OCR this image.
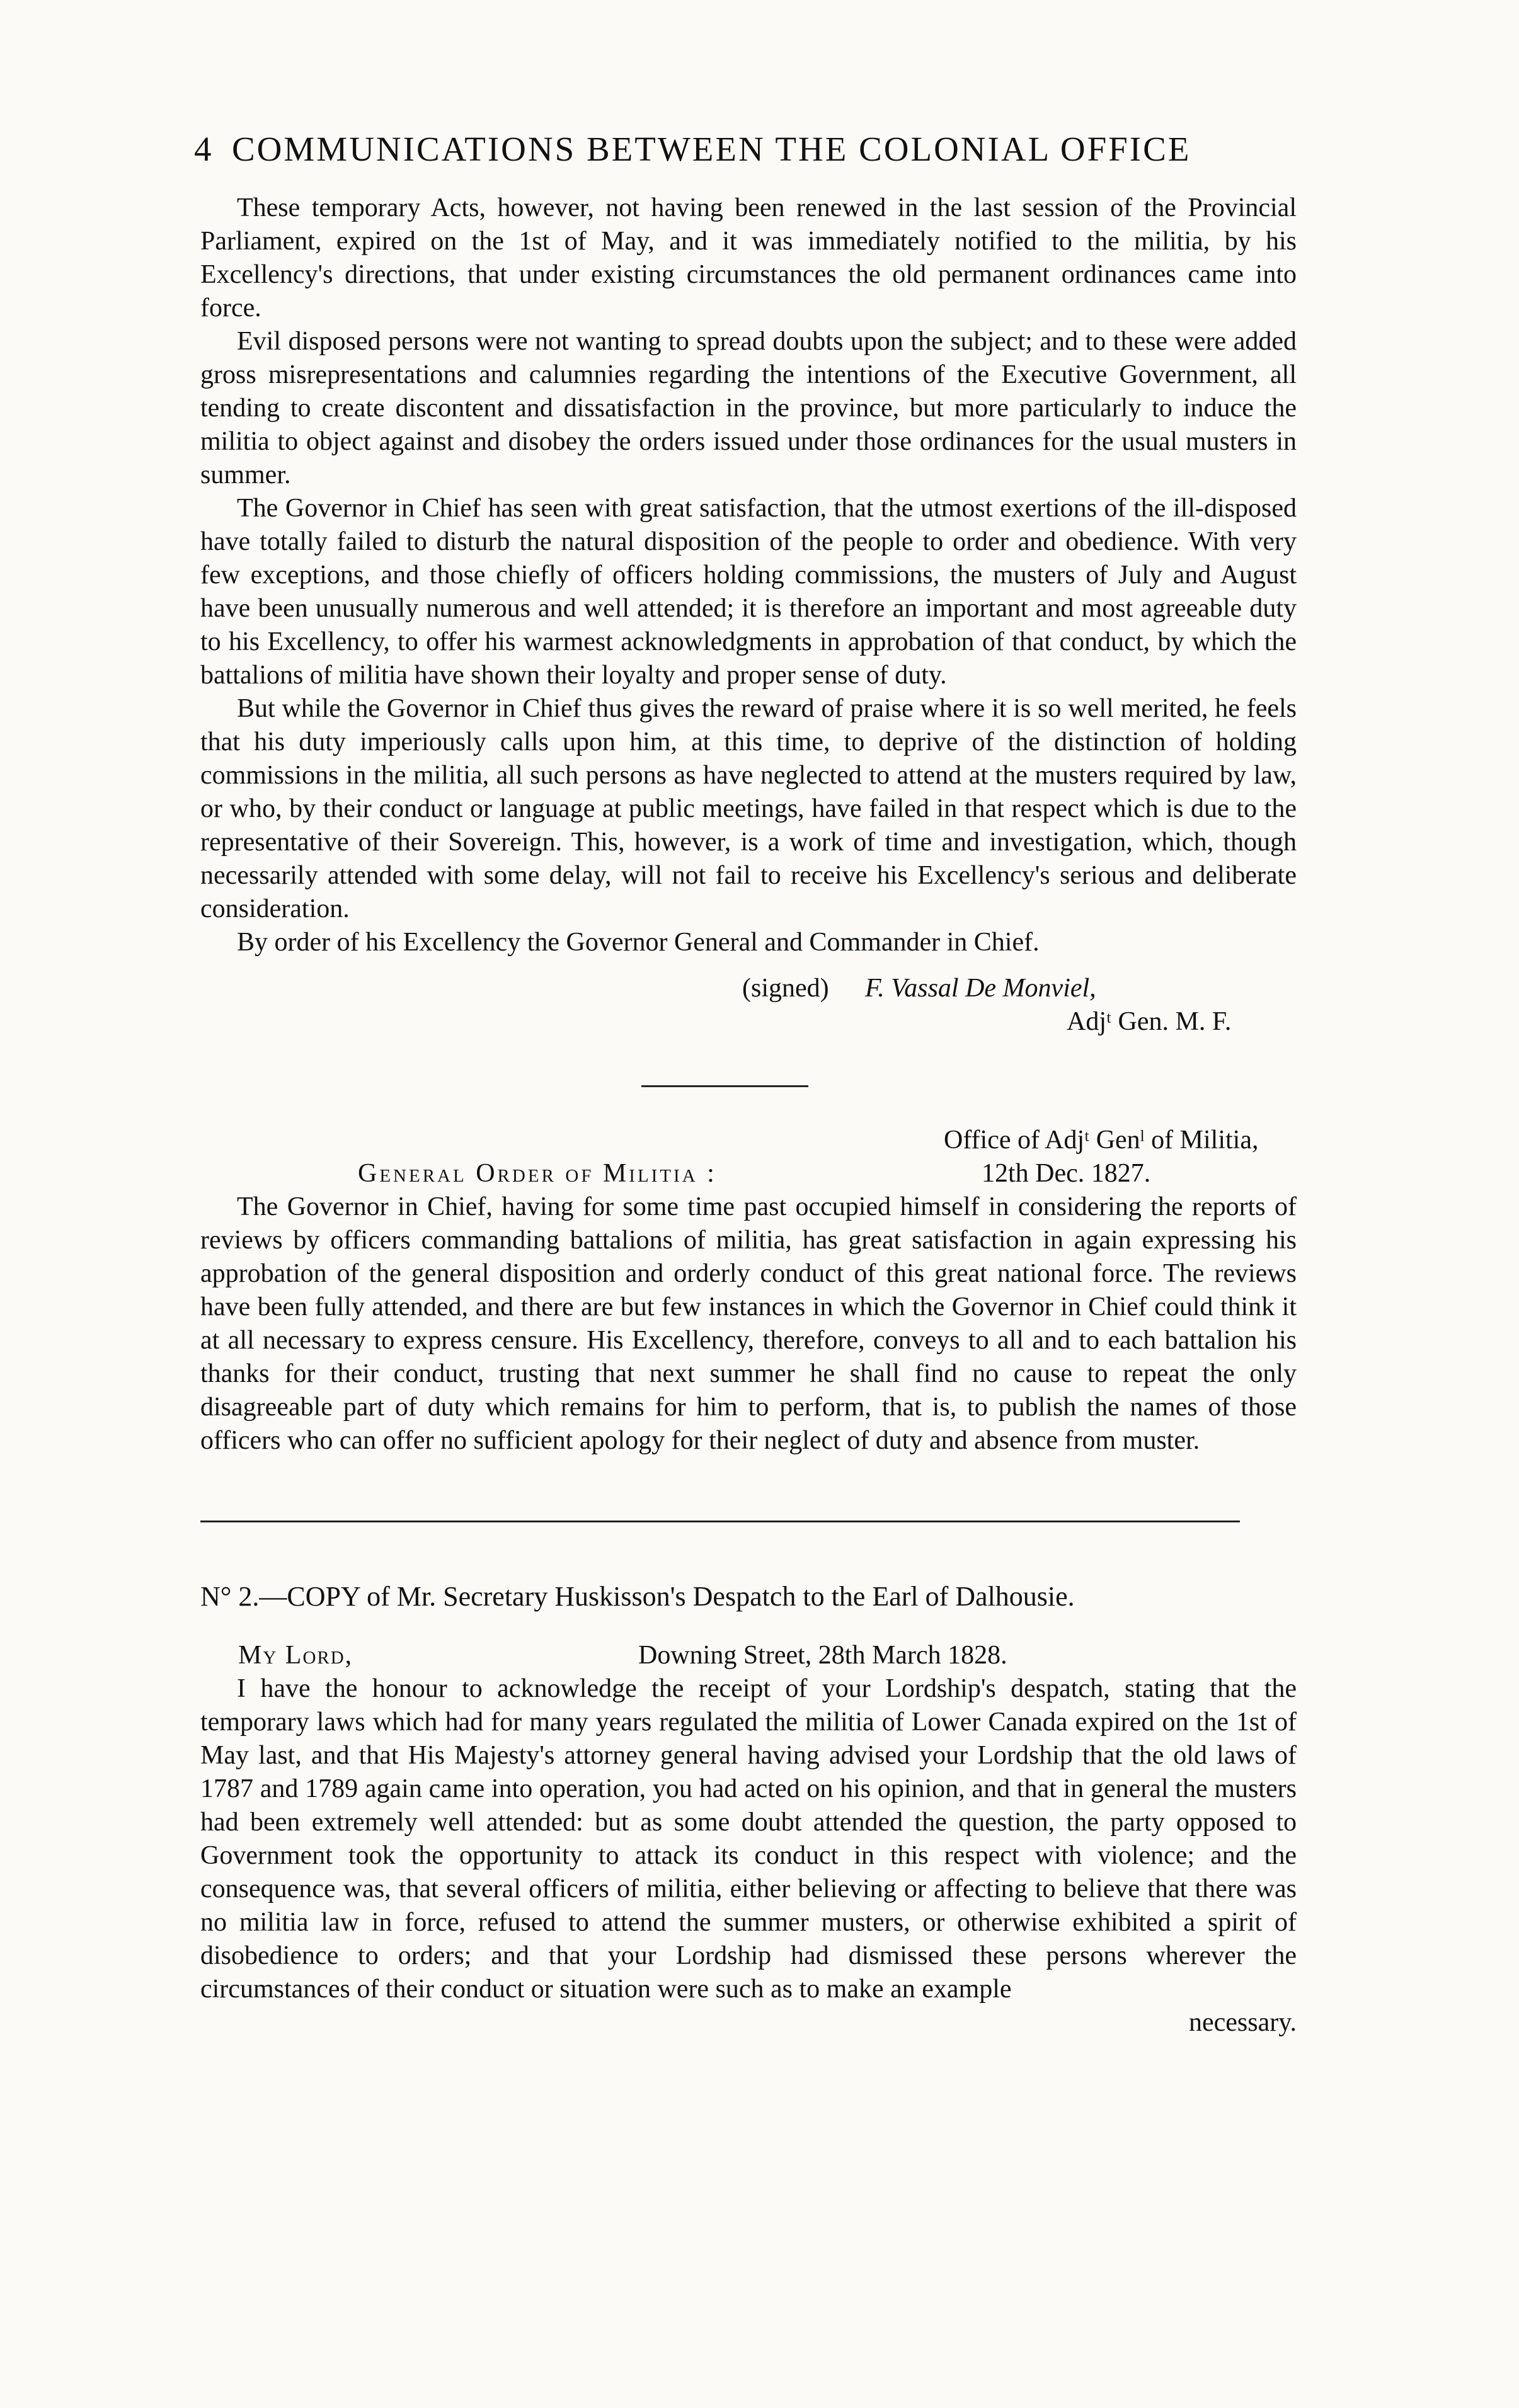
4 COMMUNICATIONS BETWEEN THE COLONIAL OFFICE

These temporary Acts, however, not having been renewed in the last session of the Provincial Parliament, expired on the 1st of May, and it was immediately notified to the militia, by his Excellency's directions, that under existing circumstances the old permanent ordinances came into force.

Evil disposed persons were not wanting to spread doubts upon the subject; and to these were added gross misrepresentations and calumnies regarding the intentions of the Executive Government, all tending to create discontent and dissatisfaction in the province, but more particularly to induce the militia to object against and disobey the orders issued under those ordinances for the usual musters in summer.

The Governor in Chief has seen with great satisfaction, that the utmost exertions of the ill-disposed have totally failed to disturb the natural disposition of the people to order and obedience. With very few exceptions, and those chiefly of officers holding commissions, the musters of July and August have been unusually numerous and well attended; it is therefore an important and most agreeable duty to his Excellency, to offer his warmest acknowledgments in approbation of that conduct, by which the battalions of militia have shown their loyalty and proper sense of duty.

But while the Governor in Chief thus gives the reward of praise where it is so well merited, he feels that his duty imperiously calls upon him, at this time, to deprive of the distinction of holding commissions in the militia, all such persons as have neglected to attend at the musters required by law, or who, by their conduct or language at public meetings, have failed in that respect which is due to the representative of their Sovereign. This, however, is a work of time and investigation, which, though necessarily attended with some delay, will not fail to receive his Excellency's serious and deliberate consideration.

By order of his Excellency the Governor General and Commander in Chief.

(signed)	F. Vassal De Monviel,
Adjᵗ Gen. M. F.
Office of Adjᵗ Genˡ of Militia,
General Order of Militia :	12th Dec. 1827.

The Governor in Chief, having for some time past occupied himself in considering the reports of reviews by officers commanding battalions of militia, has great satisfaction in again expressing his approbation of the general disposition and orderly conduct of this great national force. The reviews have been fully attended, and there are but few instances in which the Governor in Chief could think it at all necessary to express censure. His Excellency, therefore, conveys to all and to each battalion his thanks for their conduct, trusting that next summer he shall find no cause to repeat the only disagreeable part of duty which remains for him to perform, that is, to publish the names of those officers who can offer no sufficient apology for their neglect of duty and absence from muster.

N° 2.—COPY of Mr. Secretary Huskisson's Despatch to the Earl of Dalhousie.
My Lord,	Downing Street, 28th March 1828.

I have the honour to acknowledge the receipt of your Lordship's despatch, stating that the temporary laws which had for many years regulated the militia of Lower Canada expired on the 1st of May last, and that His Majesty's attorney general having advised your Lordship that the old laws of 1787 and 1789 again came into operation, you had acted on his opinion, and that in general the musters had been extremely well attended: but as some doubt attended the question, the party opposed to Government took the opportunity to attack its conduct in this respect with violence; and the consequence was, that several officers of militia, either believing or affecting to believe that there was no militia law in force, refused to attend the summer musters, or otherwise exhibited a spirit of disobedience to orders; and that your Lordship had dismissed these persons wherever the circumstances of their conduct or situation were such as to make an example

necessary.
